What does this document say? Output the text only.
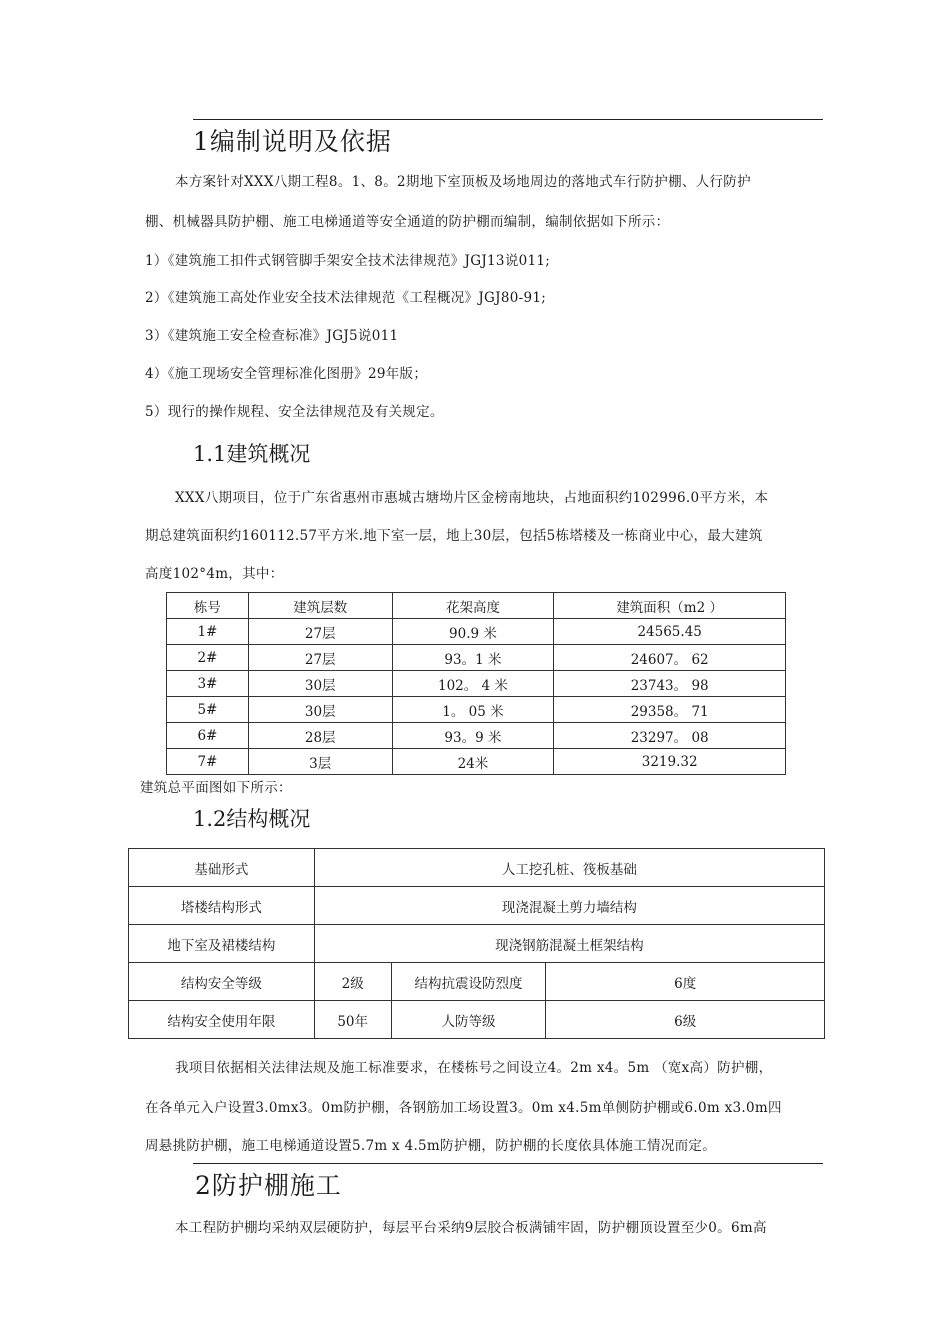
1编制说明及依据
本方案针对XXX八期工程8。1、8。2期地下室顶板及场地周边的落地式车行防护棚、人行防护
棚、机械器具防护棚、施工电梯通道等安全通道的防护棚而编制，编制依据如下所示：
1）《建筑施工扣件式钢管脚手架安全技术法律规范》JGJ13说011;
2）《建筑施工高处作业安全技术法律规范《工程概况》JGJ80-91;
3）《建筑施工安全检查标准》JGJ5说011
4）《施工现场安全管理标准化图册》29年版；
5）现行的操作规程、安全法律规范及有关规定。
1.1建筑概况
XXX八期项目，位于广东省惠州市惠城古塘坳片区金榜南地块，占地面积约102996.0平方米，本
期总建筑面积约160112.57平方米.地下室一层，地上30层，包括5栋塔楼及一栋商业中心，最大建筑
高度102°4m，其中：
栋号	建筑层数	花架高度	建筑面积（m2 ）
1#	27层	90.9 米	24565.45
2#	27层	93。1 米	24607。 62
3#	30层	102。 4 米	23743。 98
5#	30层	1。 05 米	29358。 71
6#	28层	93。9 米	23297。 08
7#	3层	24米	3219.32
建筑总平面图如下所示：
1.2结构概况
基础形式	人工挖孔桩、筏板基础		
塔楼结构形式	现浇混凝土剪力墙结构		
地下室及裙楼结构	现浇钢筋混凝土框架结构		
结构安全等级	2级	结构抗震设防烈度	6度
结构安全使用年限	50年	人防等级	6级
我项目依据相关法律法规及施工标准要求，在楼栋号之间设立4。2m x4。5m （宽x高）防护棚，
在各单元入户设置3.0mx3。0m防护棚，各钢筋加工场设置3。0m x4.5m单侧防护棚或6.0m x3.0m四
周悬挑防护棚，施工电梯通道设置5.7m x 4.5m防护棚，防护棚的长度依具体施工情况而定。
2防护棚施工
本工程防护棚均采纳双层硬防护，每层平台采纳9层胶合板满铺牢固，防护棚顶设置至少0。6m高
